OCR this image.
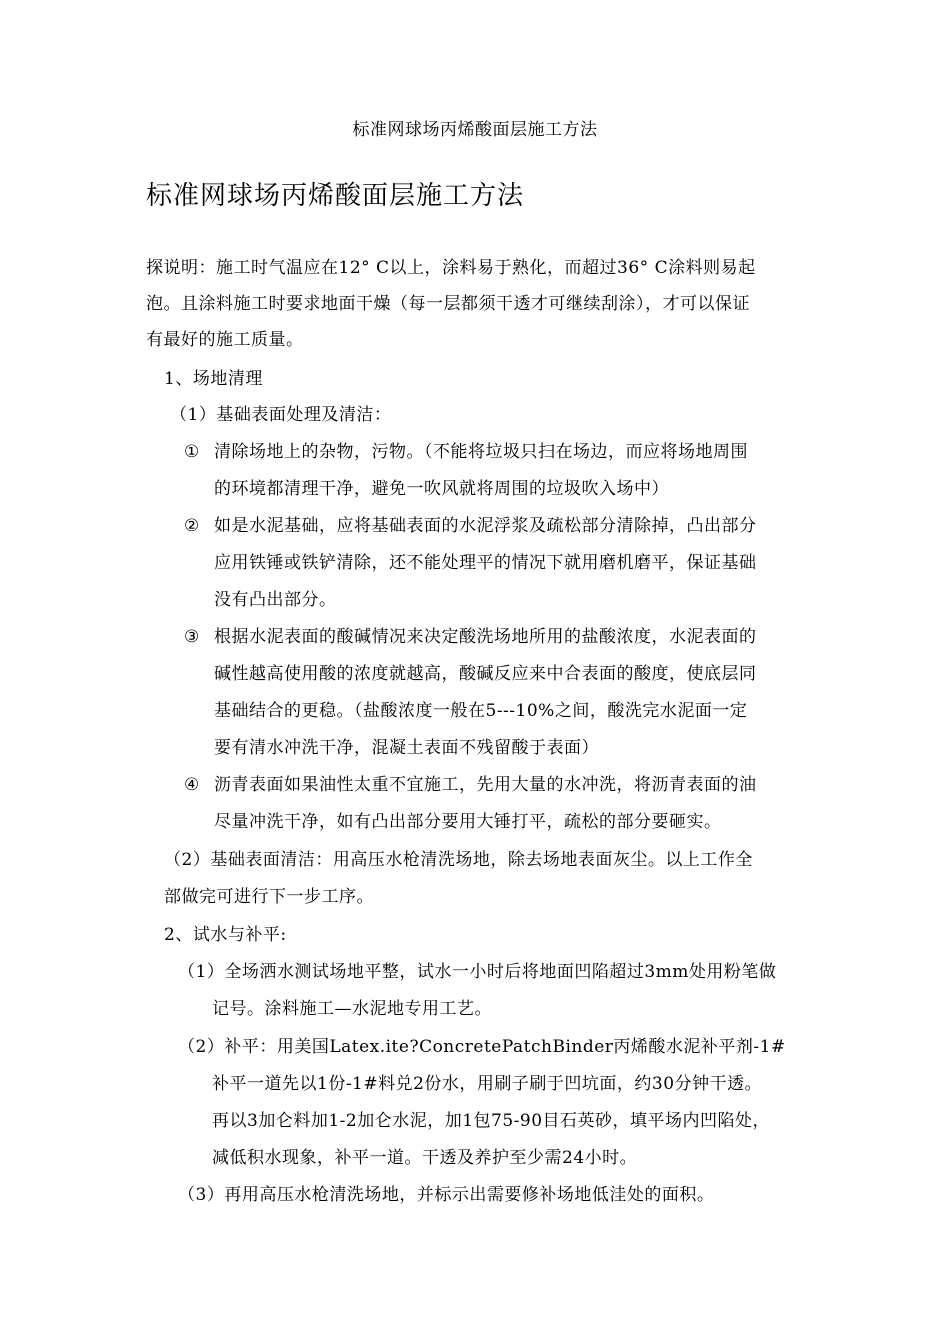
标准网球场丙烯酸面层施工方法
标准网球场丙烯酸面层施工方法
探说明：施工时气温应在12° C以上，涂料易于熟化，而超过36° C涂料则易起
泡。且涂料施工时要求地面干燥（每一层都须干透才可继续刮涂），才可以保证
有最好的施工质量。
1、场地清理
（1）基础表面处理及清洁：
① 清除场地上的杂物，污物。（不能将垃圾只扫在场边，而应将场地周围
的环境都清理干净，避免一吹风就将周围的垃圾吹入场中）
② 如是水泥基础，应将基础表面的水泥浮浆及疏松部分清除掉，凸出部分
应用铁锤或铁铲清除，还不能处理平的情况下就用磨机磨平，保证基础
没有凸出部分。
③ 根据水泥表面的酸碱情况来决定酸洗场地所用的盐酸浓度，水泥表面的
碱性越高使用酸的浓度就越高，酸碱反应来中合表面的酸度，使底层同
基础结合的更稳。（盐酸浓度一般在5---10%之间，酸洗完水泥面一定
要有清水冲洗干净，混凝土表面不残留酸于表面）
④ 沥青表面如果油性太重不宜施工，先用大量的水冲洗，将沥青表面的油
尽量冲洗干净，如有凸出部分要用大锤打平，疏松的部分要砸实。
（2）基础表面清洁：用高压水枪清洗场地，除去场地表面灰尘。以上工作全
部做完可进行下一步工序。
2、试水与补平:
（1）全场洒水测试场地平整，试水一小时后将地面凹陷超过3mm处用粉笔做
记号。涂料施工—水泥地专用工艺。
（2）补平：用美国Latex.ite?ConcretePatchBinder丙烯酸水泥补平剂-1#
补平一道先以1份-1#料兑2份水，用刷子刷于凹坑面，约30分钟干透。
再以3加仑料加1-2加仑水泥，加1包75-90目石英砂，填平场内凹陷处，
减低积水现象，补平一道。干透及养护至少需24小时。
（3）再用高压水枪清洗场地，并标示出需要修补场地低洼处的面积。
